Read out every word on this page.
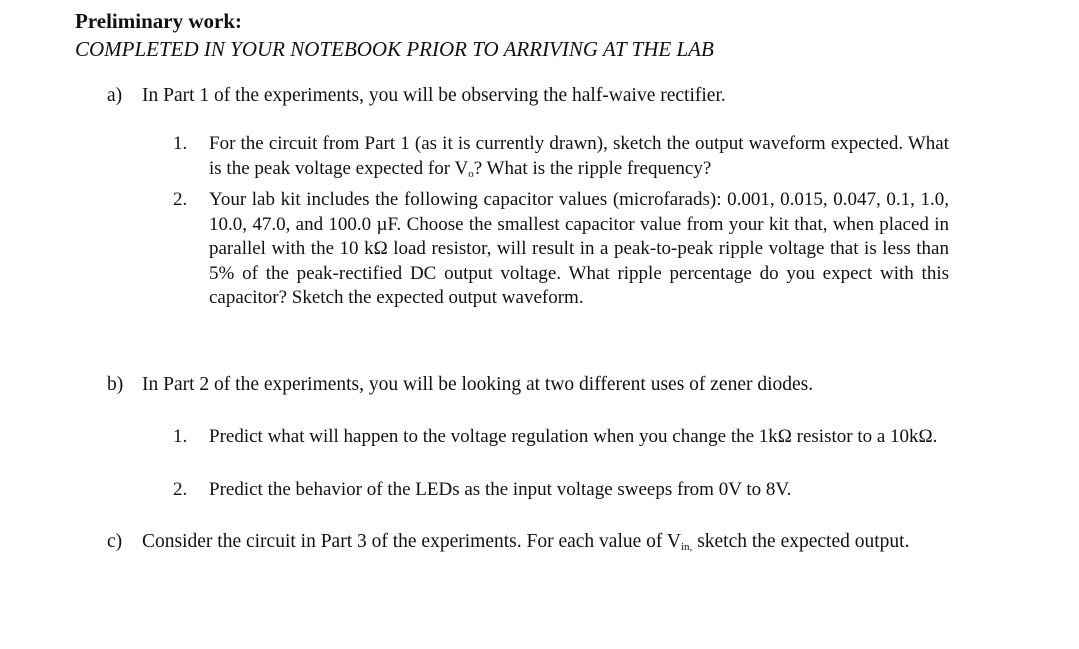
Preliminary work:
COMPLETED IN YOUR NOTEBOOK PRIOR TO ARRIVING AT THE LAB
a) In Part 1 of the experiments, you will be observing the half-waive rectifier.
1. For the circuit from Part 1 (as it is currently drawn), sketch the output waveform expected. What is the peak voltage expected for $V_o$? What is the ripple frequency?
2. Your lab kit includes the following capacitor values (microfarads): 0.001, 0.015, 0.047, 0.1, 1.0, 10.0, 47.0, and 100.0 µF. Choose the smallest capacitor value from your kit that, when placed in parallel with the 10 kΩ load resistor, will result in a peak-to-peak ripple voltage that is less than 5% of the peak-rectified DC output voltage. What ripple percentage do you expect with this capacitor? Sketch the expected output waveform.
b) In Part 2 of the experiments, you will be looking at two different uses of zener diodes.
1. Predict what will happen to the voltage regulation when you change the 1kΩ resistor to a 10kΩ.
2. Predict the behavior of the LEDs as the input voltage sweeps from 0V to 8V.
c) Consider the circuit in Part 3 of the experiments. For each value of $V_{in,}$ sketch the expected output.
